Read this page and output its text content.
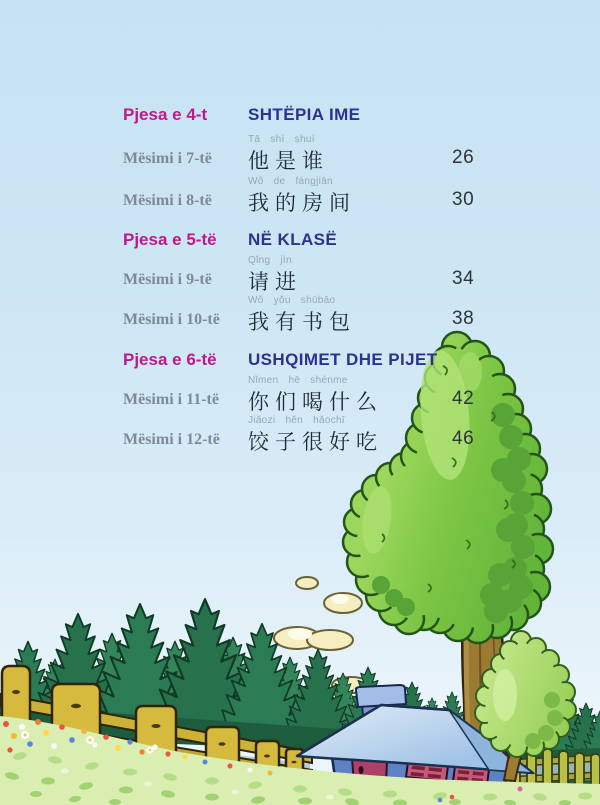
Pjesa e 4-t SHTËPIA IME
Tā shì shuí
Mësimi i 7-të 他是谁	26
Wǒ de fángjiān
Mësimi i 8-të 我的房间	30
Pjesa e 5-të NË KLASË
Qǐng jìn
Mësimi i 9-të 请进	34
Wǒ yǒu shūbāo
Mësimi i 10-të 我有书包	38
Pjesa e 6-të USHQIMET DHE PIJET
Nǐmen hē shénme
Mësimi i 11-të 你们喝什么	42
Jiǎozi hěn hǎochī
Mësimi i 12-të 饺子很好吃	46
